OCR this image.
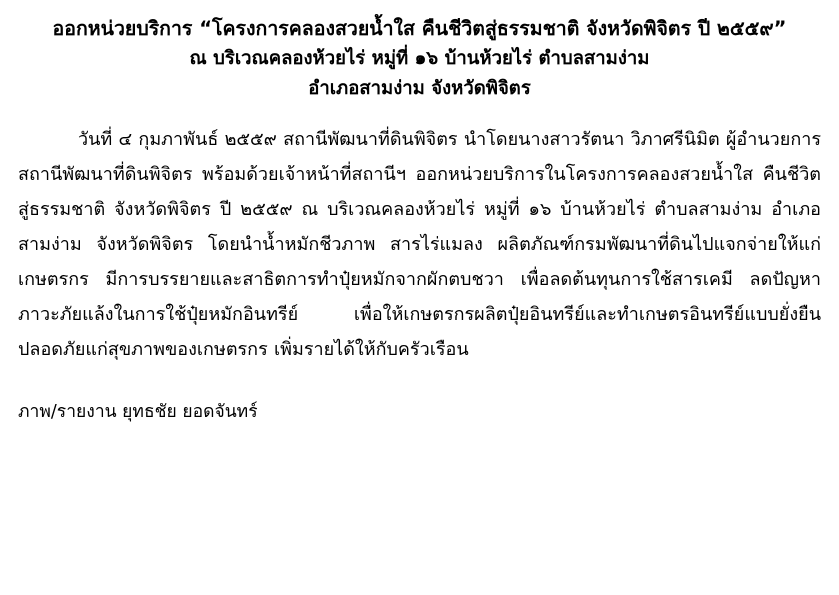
ออกหน่วยบริการ “โครงการคลองสวยน้ำใส คืนชีวิตสู่ธรรมชาติ จังหวัดพิจิตร ปี ๒๕๕๙”
ณ บริเวณคลองห้วยไร่ หมู่ที่ ๑๖ บ้านห้วยไร่ ตำบลสามง่าม
อำเภอสามง่าม จังหวัดพิจิตร

วันที่ ๔ กุมภาพันธ์ ๒๕๕๙ สถานีพัฒนาที่ดินพิจิตร นำโดยนางสาวรัตนา วิภาศรีนิมิต ผู้อำนวยการสถานีพัฒนาที่ดินพิจิตร พร้อมด้วยเจ้าหน้าที่สถานีฯ ออกหน่วยบริการในโครงการคลองสวยน้ำใส คืนชีวิตสู่ธรรมชาติ จังหวัดพิจิตร ปี ๒๕๕๙ ณ บริเวณคลองห้วยไร่ หมู่ที่ ๑๖ บ้านห้วยไร่ ตำบลสามง่าม อำเภอสามง่าม จังหวัดพิจิตร โดยนำน้ำหมักชีวภาพ สารไร่แมลง ผลิตภัณฑ์กรมพัฒนาที่ดินไปแจกจ่ายให้แก่เกษตรกร มีการบรรยายและสาธิตการทำปุ๋ยหมักจากผักตบชวา เพื่อลดต้นทุนการใช้สารเคมี ลดปัญหาภาวะภัยแล้งในการใช้ปุ๋ยหมักอินทรีย์ เพื่อให้เกษตรกรผลิตปุ๋ยอินทรีย์และทำเกษตรอินทรีย์แบบยั่งยืน ปลอดภัยแก่สุขภาพของเกษตรกร เพิ่มรายได้ให้กับครัวเรือน

ภาพ/รายงาน ยุทธชัย ยอดจันทร์
